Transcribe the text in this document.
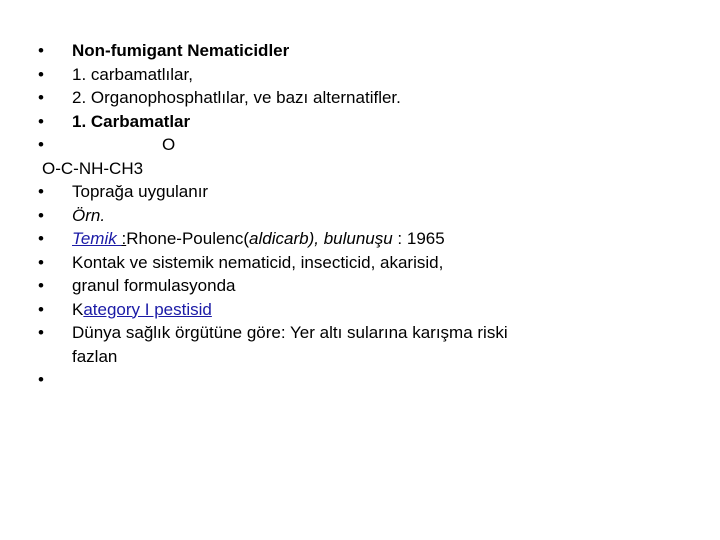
•	Non-fumigant Nematicidler
•	1. carbamatlılar,
•	2. Organophosphatlılar, ve bazı alternatifler.
•	1. Carbamatlar
•	O
O-C-NH-CH3
•	Toprağa uygulanır
•	Örn.
•	Temik :Rhone-Poulenc(aldicarb), bulunuşu : 1965
•	Kontak ve sistemik nematicid, insecticid, akarisid,
•	granul formulasyonda
•	Kategory I pestisid
•	Dünya sağlık örgütüne göre: Yer altı sularına karışma riski
fazlan
•
